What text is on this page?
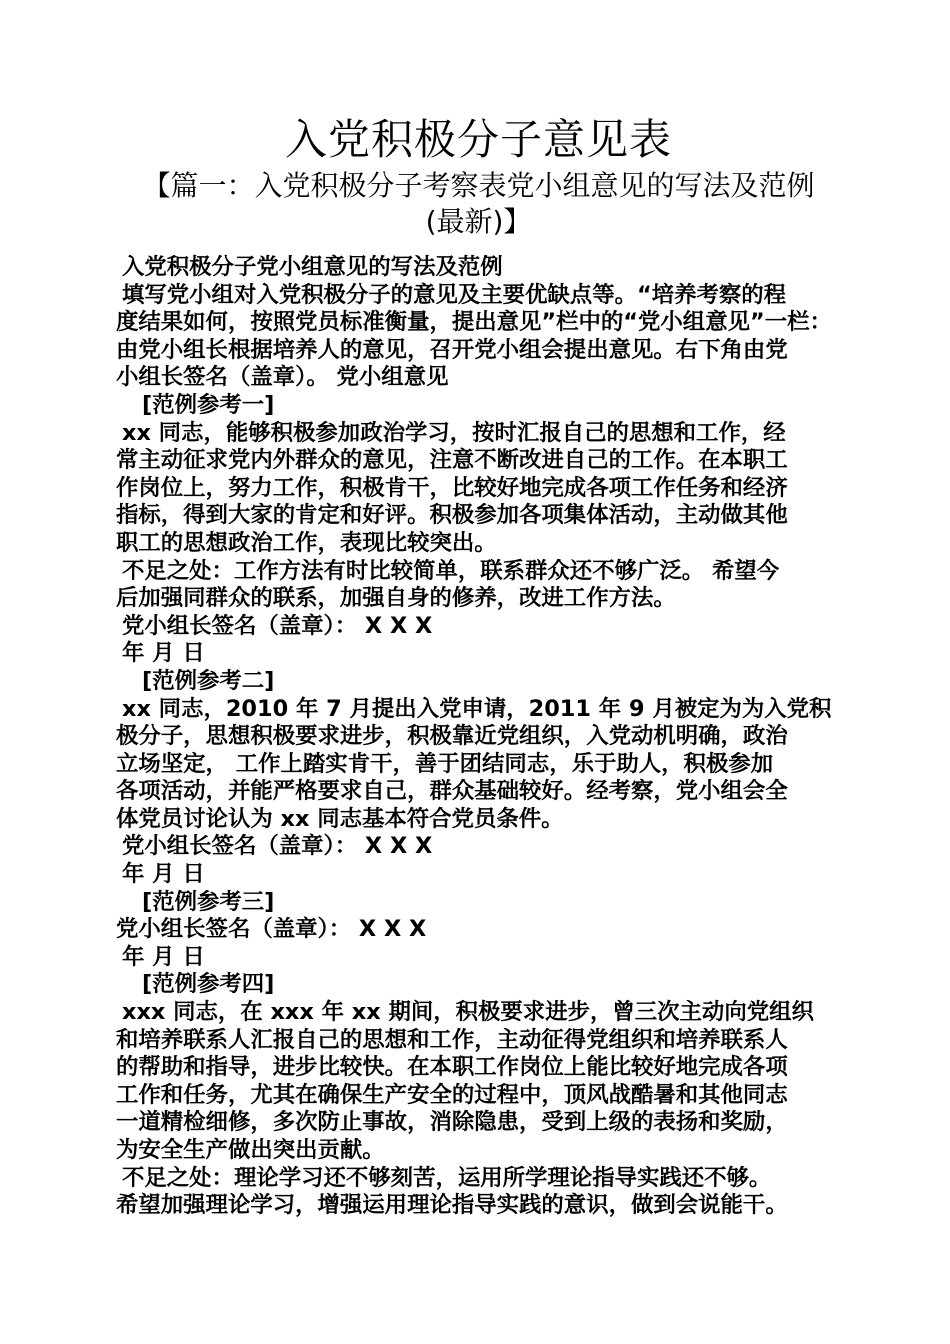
入党积极分子意见表
【篇一：入党积极分子考察表党小组意见的写法及范例
(最新)】
入党积极分子党小组意见的写法及范例
填写党小组对入党积极分子的意见及主要优缺点等。“培养考察的程
度结果如何，按照党员标准衡量，提出意见”栏中的“党小组意见”一栏：
由党小组长根据培养人的意见，召开党小组会提出意见。右下角由党
小组长签名（盖章）。 党小组意见
[范例参考一]
xx 同志，能够积极参加政治学习，按时汇报自己的思想和工作，经
常主动征求党内外群众的意见，注意不断改进自己的工作。在本职工
作岗位上，努力工作，积极肯干，比较好地完成各项工作任务和经济
指标，得到大家的肯定和好评。积极参加各项集体活动，主动做其他
职工的思想政治工作，表现比较突出。
不足之处：工作方法有时比较简单，联系群众还不够广泛。 希望今
后加强同群众的联系，加强自身的修养，改进工作方法。
党小组长签名（盖章）： X X X
年 月 日
[范例参考二]
xx 同志，2010 年 7 月提出入党申请，2011 年 9 月被定为为入党积
极分子，思想积极要求进步，积极靠近党组织，入党动机明确，政治
立场坚定， 工作上踏实肯干，善于团结同志，乐于助人，积极参加
各项活动，并能严格要求自己，群众基础较好。经考察，党小组会全
体党员讨论认为 xx 同志基本符合党员条件。
党小组长签名（盖章）： X X X
年 月 日
[范例参考三]
党小组长签名（盖章）： X X X
年 月 日
[范例参考四]
xxx 同志，在 xxx 年 xx 期间，积极要求进步，曾三次主动向党组织
和培养联系人汇报自己的思想和工作，主动征得党组织和培养联系人
的帮助和指导，进步比较快。在本职工作岗位上能比较好地完成各项
工作和任务，尤其在确保生产安全的过程中，顶风战酷暑和其他同志
一道精检细修，多次防止事故，消除隐患，受到上级的表扬和奖励，
为安全生产做出突出贡献。
不足之处：理论学习还不够刻苦，运用所学理论指导实践还不够。
希望加强理论学习，增强运用理论指导实践的意识，做到会说能干。
